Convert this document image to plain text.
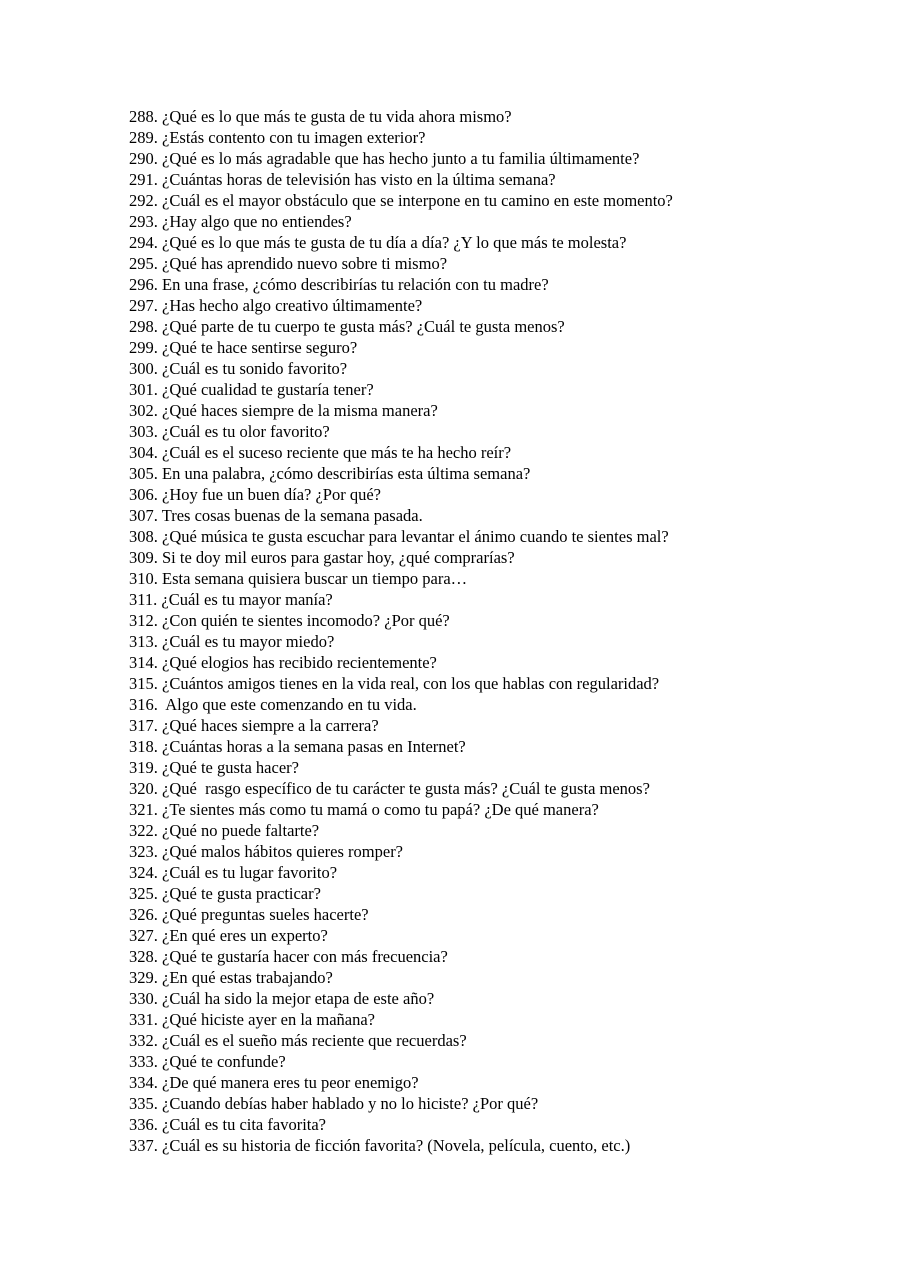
288. ¿Qué es lo que más te gusta de tu vida ahora mismo?
289. ¿Estás contento con tu imagen exterior?
290. ¿Qué es lo más agradable que has hecho junto a tu familia últimamente?
291. ¿Cuántas horas de televisión has visto en la última semana?
292. ¿Cuál es el mayor obstáculo que se interpone en tu camino en este momento?
293. ¿Hay algo que no entiendes?
294. ¿Qué es lo que más te gusta de tu día a día? ¿Y lo que más te molesta?
295. ¿Qué has aprendido nuevo sobre ti mismo?
296. En una frase, ¿cómo describirías tu relación con tu madre?
297. ¿Has hecho algo creativo últimamente?
298. ¿Qué parte de tu cuerpo te gusta más? ¿Cuál te gusta menos?
299. ¿Qué te hace sentirse seguro?
300. ¿Cuál es tu sonido favorito?
301. ¿Qué cualidad te gustaría tener?
302. ¿Qué haces siempre de la misma manera?
303. ¿Cuál es tu olor favorito?
304. ¿Cuál es el suceso reciente que más te ha hecho reír?
305. En una palabra, ¿cómo describirías esta última semana?
306. ¿Hoy fue un buen día? ¿Por qué?
307. Tres cosas buenas de la semana pasada.
308. ¿Qué música te gusta escuchar para levantar el ánimo cuando te sientes mal?
309. Si te doy mil euros para gastar hoy, ¿qué comprarías?
310. Esta semana quisiera buscar un tiempo para…
311. ¿Cuál es tu mayor manía?
312. ¿Con quién te sientes incomodo? ¿Por qué?
313. ¿Cuál es tu mayor miedo?
314. ¿Qué elogios has recibido recientemente?
315. ¿Cuántos amigos tienes en la vida real, con los que hablas con regularidad?
316.  Algo que este comenzando en tu vida.
317. ¿Qué haces siempre a la carrera?
318. ¿Cuántas horas a la semana pasas en Internet?
319. ¿Qué te gusta hacer?
320. ¿Qué  rasgo específico de tu carácter te gusta más? ¿Cuál te gusta menos?
321. ¿Te sientes más como tu mamá o como tu papá? ¿De qué manera?
322. ¿Qué no puede faltarte?
323. ¿Qué malos hábitos quieres romper?
324. ¿Cuál es tu lugar favorito?
325. ¿Qué te gusta practicar?
326. ¿Qué preguntas sueles hacerte?
327. ¿En qué eres un experto?
328. ¿Qué te gustaría hacer con más frecuencia?
329. ¿En qué estas trabajando?
330. ¿Cuál ha sido la mejor etapa de este año?
331. ¿Qué hiciste ayer en la mañana?
332. ¿Cuál es el sueño más reciente que recuerdas?
333. ¿Qué te confunde?
334. ¿De qué manera eres tu peor enemigo?
335. ¿Cuando debías haber hablado y no lo hiciste? ¿Por qué?
336. ¿Cuál es tu cita favorita?
337. ¿Cuál es su historia de ficción favorita? (Novela, película, cuento, etc.)
